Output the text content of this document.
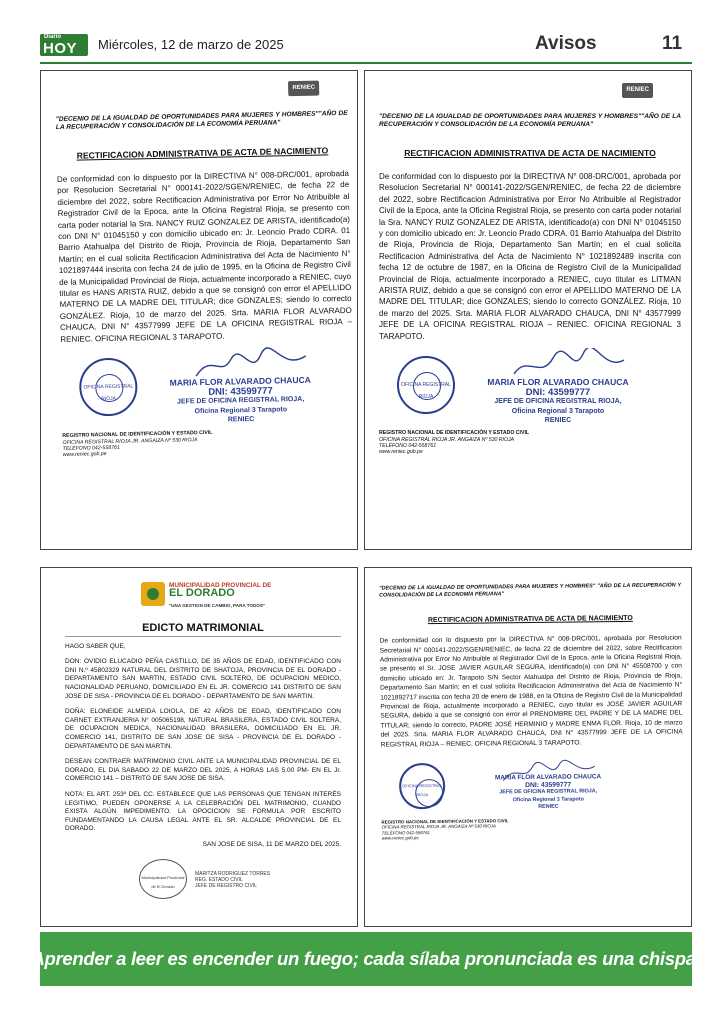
Diario
HOY Miércoles, 12 de marzo de 2025	Avisos	11
RENIEC
"DECENIO DE LA IGUALDAD DE OPORTUNIDADES PARA MUJERES Y HOMBRES""AÑO DE LA RECUPERACIÓN Y CONSOLIDACIÓN DE LA ECONOMÍA PERUANA"
RECTIFICACION ADMINISTRATIVA DE ACTA DE NACIMIENTO
De conformidad con lo dispuesto por la DIRECTIVA N° 008-DRC/001, aprobada por Resolucion Secretarial N° 000141-2022/SGEN/RENIEC, de fecha 22 de diciembre del 2022, sobre Rectificacion Administrativa por Error No Atribuible al Registrador Civil de la Epoca, ante la Oficina Registral Rioja, se presento con carta poder notarial la Sra. NANCY RUIZ GONZALEZ DE ARISTA, identificado(a) con DNI N° 01045150 y con domicilio ubicado en: Jr. Leoncio Prado CDRA. 01 Barrio Atahualpa del Distrito de Rioja, Provincia de Rioja, Departamento San Martín; en el cual solicita Rectificacion Administrativa del Acta de Nacimiento N° 1021897444 inscrita con fecha 24 de julio de 1995, en la Oficina de Registro Civil de la Municipalidad Provincial de Rioja, actualmente incorporado a RENIEC, cuyo titular es HANS ARISTA RUIZ, debido a que se consignó con error el APELLIDO MATERNO DE LA MADRE DEL TITULAR; dice GONZALES; siendo lo correcto GONZÁLEZ. Rioja, 10 de marzo del 2025. Srta. MARIA FLOR ALVARADO CHAUCA, DNI N° 43577999 JEFE DE LA OFICINA REGISTRAL RIOJA – RENIEC. OFICINA REGIONAL 3 TARAPOTO.
OFICINA REGISTRAL RIOJA
MARIA FLOR ALVARADO CHAUCA
DNI: 43599777
JEFE DE OFICINA REGISTRAL RIOJA,
Oficina Regional 3 Tarapoto
RENIEC
REGISTRO NACIONAL DE IDENTIFICACIÓN Y ESTADO CIVIL
OFICINA REGISTRAL RIOJA JR. ANGAIZA Nº 530 RIOJA
TELÉFONO 042-558761
www.reniec.gob.pe
RENIEC
"DECENIO DE LA IGUALDAD DE OPORTUNIDADES PARA MUJERES Y HOMBRES""AÑO DE LA RECUPERACIÓN Y CONSOLIDACIÓN DE LA ECONOMÍA PERUANA"
RECTIFICACION ADMINISTRATIVA DE ACTA DE NACIMIENTO
De conformidad con lo dispuesto por la DIRECTIVA N° 008-DRC/001, aprobada por Resolucion Secretarial N° 000141-2022/SGEN/RENIEC, de fecha 22 de diciembre del 2022, sobre Rectificacion Administrativa por Error No Atribuible al Registrador Civil de la Epoca, ante la Oficina Registral Rioja, se presento con carta poder notarial la Sra. NANCY RUIZ GONZALEZ DE ARISTA, identificado(a) con DNI N° 01045150 y con domicilio ubicado en: Jr. Leoncio Prado CDRA. 01 Barrio Atahualpa del Distrito de Rioja, Provincia de Rioja, Departamento San Martín; en el cual solicita Rectificacion Administrativa del Acta de Nacimiento N° 1021892489 inscrita con fecha 12 de octubre de 1987, en la Oficina de Registro Civil de la Municipalidad Provincial de Rioja, actualmente incorporado a RENIEC, cuyo titular es LITMAN ARISTA RUIZ, debido a que se consignó con error el APELLIDO MATERNO DE LA MADRE DEL TITULAR; dice GONZALES; siendo lo correcto GONZÁLEZ. Rioja, 10 de marzo del 2025. Srta. MARIA FLOR ALVARADO CHAUCA, DNI N° 43577999 JEFE DE LA OFICINA REGISTRAL RIOJA – RENIEC. OFICINA REGIONAL 3 TARAPOTO.
OFICINA REGISTRAL RIOJA
MARIA FLOR ALVARADO CHAUCA
DNI: 43599777
JEFE DE OFICINA REGISTRAL RIOJA,
Oficina Regional 3 Tarapoto
RENIEC
REGISTRO NACIONAL DE IDENTIFICACIÓN Y ESTADO CIVIL
OFICINA REGISTRAL RIOJA JR. ANGAIZA Nº 530 RIOJA
TELÉFONO 042-558761
www.reniec.gob.pe
MUNICIPALIDAD PROVINCIAL DE
EL DORADO
"UNA GESTION DE CAMBIO, PARA TODOS"
EDICTO MATRIMONIAL
HAGO SABER QUE,
DON: OVIDIO ELUCADIO PEÑA CASTILLO, DE 35 AÑOS DE EDAD, IDENTIFICADO CON DNI N.º 45802329 NATURAL DEL DISTRITO DE SHATOJA, PROVINCIA DE EL DORADO - DEPARTAMENTO SAN MARTIN, ESTADO CIVIL SOLTERO, DE OCUPACION MEDICO, NACIONALIDAD PERUANO, DOMICILIADO EN EL JR. COMERCIO 141 DISTRITO DE SAN JOSE DE SISA - PROVINCIA DE EL DORADO - DEPARTAMENTO DE SAN MARTIN.
DOÑA: ELONEIDE ALMEIDA LOIOLA, DE 42 AÑOS DE EDAD, IDENTIFICADO CON CARNET EXTRANJERIA N° 005065198, NATURAL BRASILERA, ESTADO CIVIL SOLTERA, DE OCUPACION MEDICA, NACIONALIDAD BRASILERA, DOMICILIADO EN EL JR. COMERCIO 141, DISTRITO DE SAN JOSE DE SISA - PROVINCIA DE EL DORADO - DEPARTAMENTO DE SAN MARTIN.
DESEAN CONTRAER MATRIMONIO CIVIL ANTE LA MUNICIPALIDAD PROVINCIAL DE EL DORADO, EL DIA SABADO 22 DE MARZO DEL 2025, A HORAS LAS 5.00 PM- EN EL Jr. COMERCIO 141 – DISTRITO DE SAN JOSE DE SISA.
NOTA: EL ART. 253º DEL CC. ESTABLECE QUE LAS PERSONAS QUE TENGAN INTERÉS LEGITIMO, PUEDEN OPONERSE A LA CELEBRACIÓN DEL MATRIMONIO, CUANDO EXISTA ALGÚN IMPEDIMENTO. LA OPOCICION SE FORMULA POR ESCRITO FUNDAMENTANDO LA CAUSA LEGAL ANTE EL SR. ALCALDE PROVINCIAL DE EL DORADO.
SAN JOSE DE SISA, 11 DE MARZO DEL 2025.
Municipalidad Provincial de El Dorado
MARITZA RODRIGUEZ TORRES
REG. ESTADO CIVIL
JEFE DE REGISTRO CIVIL
"DECENIO DE LA IGUALDAD DE OPORTUNIDADES PARA MUJERES Y HOMBRES" "AÑO DE LA RECUPERACIÓN Y CONSOLIDACIÓN DE LA ECONOMÍA PERUANA"
RECTIFICACION ADMINISTRATIVA DE ACTA DE NACIMIENTO
De conformidad con lo dispuesto por la DIRECTIVA N° 008-DRC/001, aprobada por Resolucion Secretarial N° 000141-2022/SGEN/RENIEC, de fecha 22 de diciembre del 2022, sobre Rectificacion Administrativa por Error No Atribuible al Registrador Civil de la Epoca, ante la Oficina Registral Rioja, se presento el Sr. JOSE JAVIER AGUILAR SEGURA, identificado(a) con DNI N° 45508700 y con domicilio ubicado en: Jr. Tarapoto S/N Sector Atahualpa del Distrito de Rioja, Provincia de Rioja, Departamento San Martín; en el cual solicita Rectificacion Administrativa del Acta de Nacimiento N° 1021892717 inscrita con fecha 20 de enero de 1988, en la Oficina de Registro Civil de la Municipalidad Provincial de Rioja, actualmente incorporado a RENIEC, cuyo titular es JOSÉ JAVIER AGUILAR SEGURA, debido a que se consignó con error el PRENOMBRE DEL PADRE Y DE LA MADRE DEL TITULAR; siendo lo correcto, PADRE JOSÉ HERMINIO y MADRE ENMA FLOR. Rioja, 10 de marzo del 2025. Srta. MARIA FLOR ALVARADO CHAUCA, DNI N° 43577999 JEFE DE LA OFICINA REGISTRAL RIOJA – RENIEC. OFICINA REGIONAL 3 TARAPOTO.
OFICINA REGISTRAL RIOJA
MARIA FLOR ALVARADO CHAUCA
DNI: 43599777
JEFE DE OFICINA REGISTRAL RIOJA,
Oficina Regional 3 Tarapoto
RENIEC
REGISTRO NACIONAL DE IDENTIFICACIÓN Y ESTADO CIVIL
OFICINA REGISTRAL RIOJA JR. ANGAIZA Nº 530 RIOJA
TELÉFONO 042-558761
www.reniec.gob.pe
“Aprender a leer es encender un fuego; cada sílaba pronunciada es una chispa”.
